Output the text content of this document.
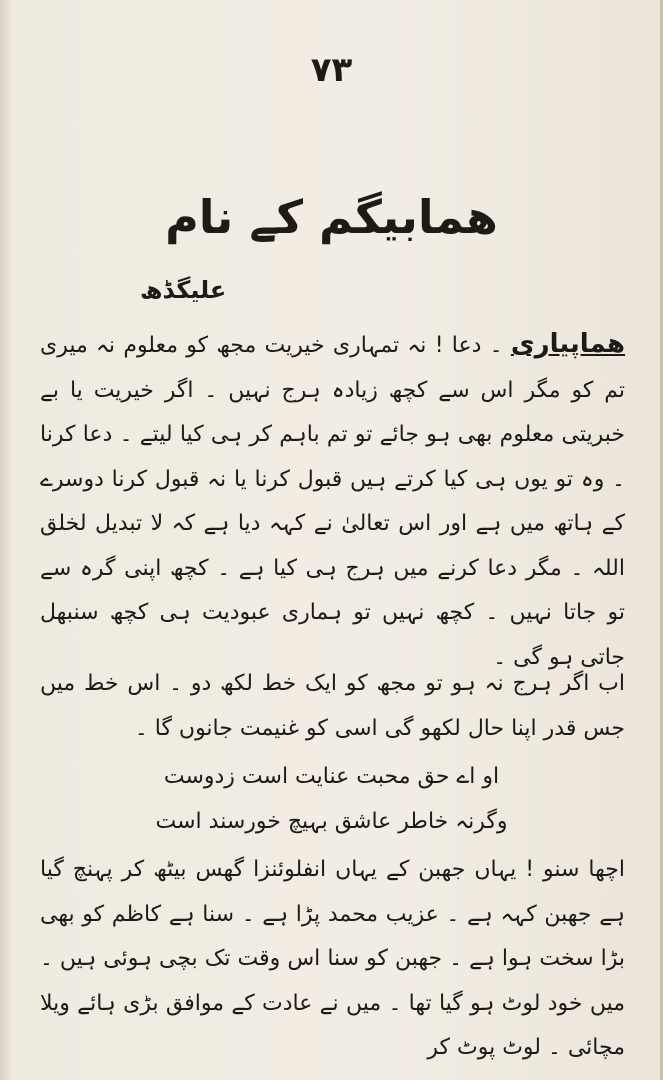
۷۳
ھمابیگم کے نام
علیگڈھ

ھماپیاری ۔ دعا ! نہ تمہاری خیریت مجھ کو معلوم نہ میری تم کو مگر اس سے کچھ زیادہ ہرج نہیں ۔ اگر خیریت یا بے خبریتی معلوم بھی ہو جائے تو تم باہم کر ہی کیا لیتے ۔ دعا کرنا ۔ وہ تو یوں ہی کیا کرتے ہیں قبول کرنا یا نہ قبول کرنا دوسرے کے ہاتھ میں ہے اور اس تعالیٰ نے کہہ دیا ہے کہ لا تبدیل لخلق اللہ ۔ مگر دعا کرنے میں ہرج ہی کیا ہے ۔ کچھ اپنی گرہ سے تو جاتا نہیں ۔ کچھ نہیں تو ہماری عبودیت ہی کچھ سنبھل جاتی ہو گی ۔

اب اگر ہرج نہ ہو تو مجھ کو ایک خط لکھ دو ۔ اس خط میں جس قدر اپنا حال لکھو گی اسی کو غنیمت جانوں گا ۔

او اے حق محبت عنایت است زدوست
وگرنہ خاطر عاشق بہیچ خورسند است

اچھا سنو ! یہاں جھبن کے یہاں انفلوئنزا گھس بیٹھ کر پہنچ گیا ہے جھبن کہہ ہے ۔ عزیب محمد پڑا ہے ۔ سنا ہے کاظم کو بھی بڑا سخت ہوا ہے ۔ جھبن کو سنا اس وقت تک بچی ہوئی ہیں ۔ میں خود لوٹ ہو گیا تھا ۔ میں نے عادت کے موافق بڑی ہائے ویلا مچائی ۔ لوٹ پوٹ کر
